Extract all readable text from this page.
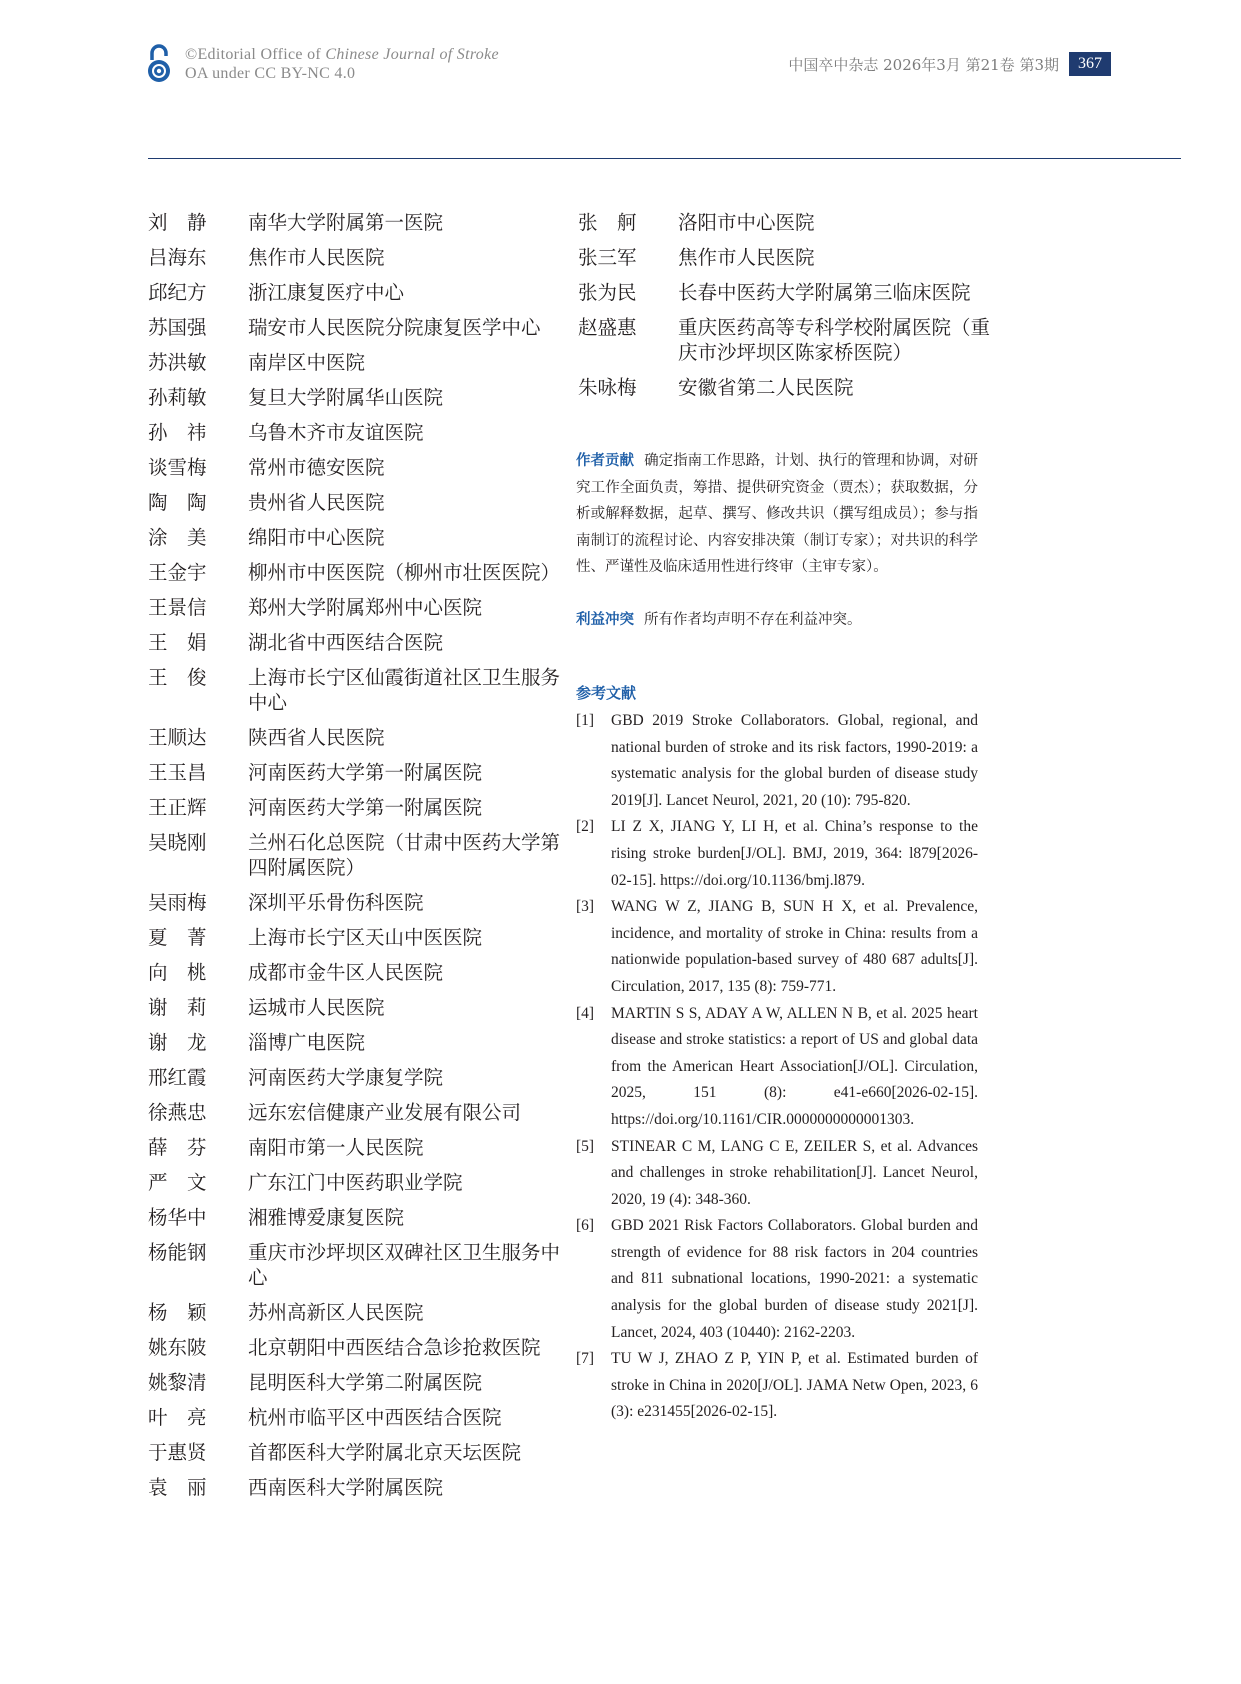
©Editorial Office of Chinese Journal of Stroke
OA under CC BY-NC 4.0	中国卒中杂志 2026年3月 第21卷 第3期	367
刘　静	南华大学附属第一医院
吕海东	焦作市人民医院
邱纪方	浙江康复医疗中心
苏国强	瑞安市人民医院分院康复医学中心
苏洪敏	南岸区中医院
孙莉敏	复旦大学附属华山医院
孙　祎	乌鲁木齐市友谊医院
谈雪梅	常州市德安医院
陶　陶	贵州省人民医院
涂　美	绵阳市中心医院
王金宇	柳州市中医医院（柳州市壮医医院）
王景信	郑州大学附属郑州中心医院
王　娟	湖北省中西医结合医院
王　俊	上海市长宁区仙霞街道社区卫生服务中心
王顺达	陕西省人民医院
王玉昌	河南医药大学第一附属医院
王正辉	河南医药大学第一附属医院
吴晓刚	兰州石化总医院（甘肃中医药大学第四附属医院）
吴雨梅	深圳平乐骨伤科医院
夏　菁	上海市长宁区天山中医医院
向　桃	成都市金牛区人民医院
谢　莉	运城市人民医院
谢　龙	淄博广电医院
邢红霞	河南医药大学康复学院
徐燕忠	远东宏信健康产业发展有限公司
薛　芬	南阳市第一人民医院
严　文	广东江门中医药职业学院
杨华中	湘雅博爱康复医院
杨能钢	重庆市沙坪坝区双碑社区卫生服务中心
杨　颖	苏州高新区人民医院
姚东陂	北京朝阳中西医结合急诊抢救医院
姚黎清	昆明医科大学第二附属医院
叶　亮	杭州市临平区中西医结合医院
于惠贤	首都医科大学附属北京天坛医院
袁　丽	西南医科大学附属医院
张　舸	洛阳市中心医院
张三军	焦作市人民医院
张为民	长春中医药大学附属第三临床医院
赵盛惠	重庆医药高等专科学校附属医院（重庆市沙坪坝区陈家桥医院）
朱咏梅	安徽省第二人民医院
作者贡献 确定指南工作思路，计划、执行的管理和协调，对研究工作全面负责，筹措、提供研究资金（贾杰）；获取数据，分析或解释数据，起草、撰写、修改共识（撰写组成员）；参与指南制订的流程讨论、内容安排决策（制订专家）；对共识的科学性、严谨性及临床适用性进行终审（主审专家）。
利益冲突 所有作者均声明不存在利益冲突。
参考文献
[1]	GBD 2019 Stroke Collaborators. Global, regional, and national burden of stroke and its risk factors, 1990-2019: a systematic analysis for the global burden of disease study 2019[J]. Lancet Neurol, 2021, 20 (10): 795-820.
[2]	LI Z X, JIANG Y, LI H, et al. China’s response to the rising stroke burden[J/OL]. BMJ, 2019, 364: l879[2026-02-15]. https://doi.org/10.1136/bmj.l879.
[3]	WANG W Z, JIANG B, SUN H X, et al. Prevalence, incidence, and mortality of stroke in China: results from a nationwide population-based survey of 480 687 adults[J]. Circulation, 2017, 135 (8): 759-771.
[4]	MARTIN S S, ADAY A W, ALLEN N B, et al. 2025 heart disease and stroke statistics: a report of US and global data from the American Heart Association[J/OL]. Circulation, 2025, 151 (8): e41-e660[2026-02-15]. https://doi.org/10.1161/CIR.0000000000001303.
[5]	STINEAR C M, LANG C E, ZEILER S, et al. Advances and challenges in stroke rehabilitation[J]. Lancet Neurol, 2020, 19 (4): 348-360.
[6]	GBD 2021 Risk Factors Collaborators. Global burden and strength of evidence for 88 risk factors in 204 countries and 811 subnational locations, 1990-2021: a systematic analysis for the global burden of disease study 2021[J]. Lancet, 2024, 403 (10440): 2162-2203.
[7]	TU W J, ZHAO Z P, YIN P, et al. Estimated burden of stroke in China in 2020[J/OL]. JAMA Netw Open, 2023, 6 (3): e231455[2026-02-15].
